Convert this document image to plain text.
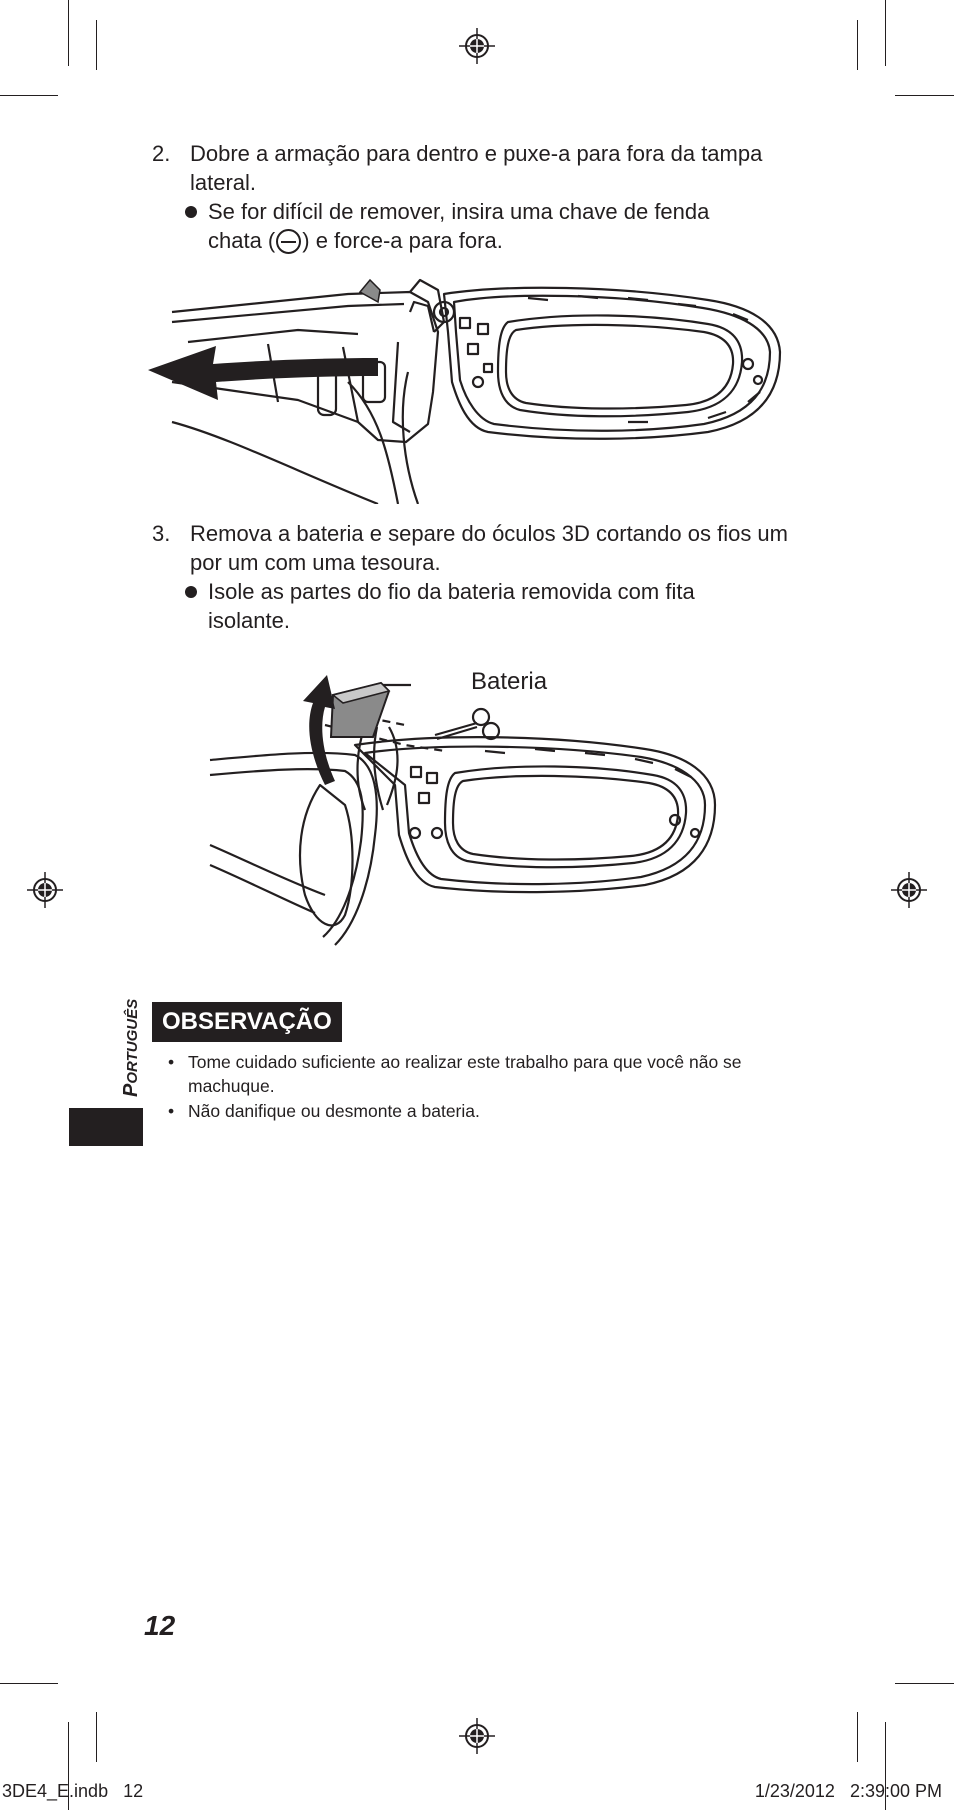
2. Dobre a armação para dentro e puxe-a para fora da tampa lateral.
Se for difícil de remover, insira uma chave de fenda chata ( ) e force-a para fora.
3. Remova a bateria e separe do óculos 3D cortando os fios um por um com uma tesoura.
Isole as partes do fio da bateria removida com fita isolante.
Bateria
PORTUGUÊS OBSERVAÇÃO
• Tome cuidado suficiente ao realizar este trabalho para que você não se machuque.
• Não danifique ou desmonte a bateria.
12
3DE4_E.indb   12	1/23/2012   2:39:00 PM
